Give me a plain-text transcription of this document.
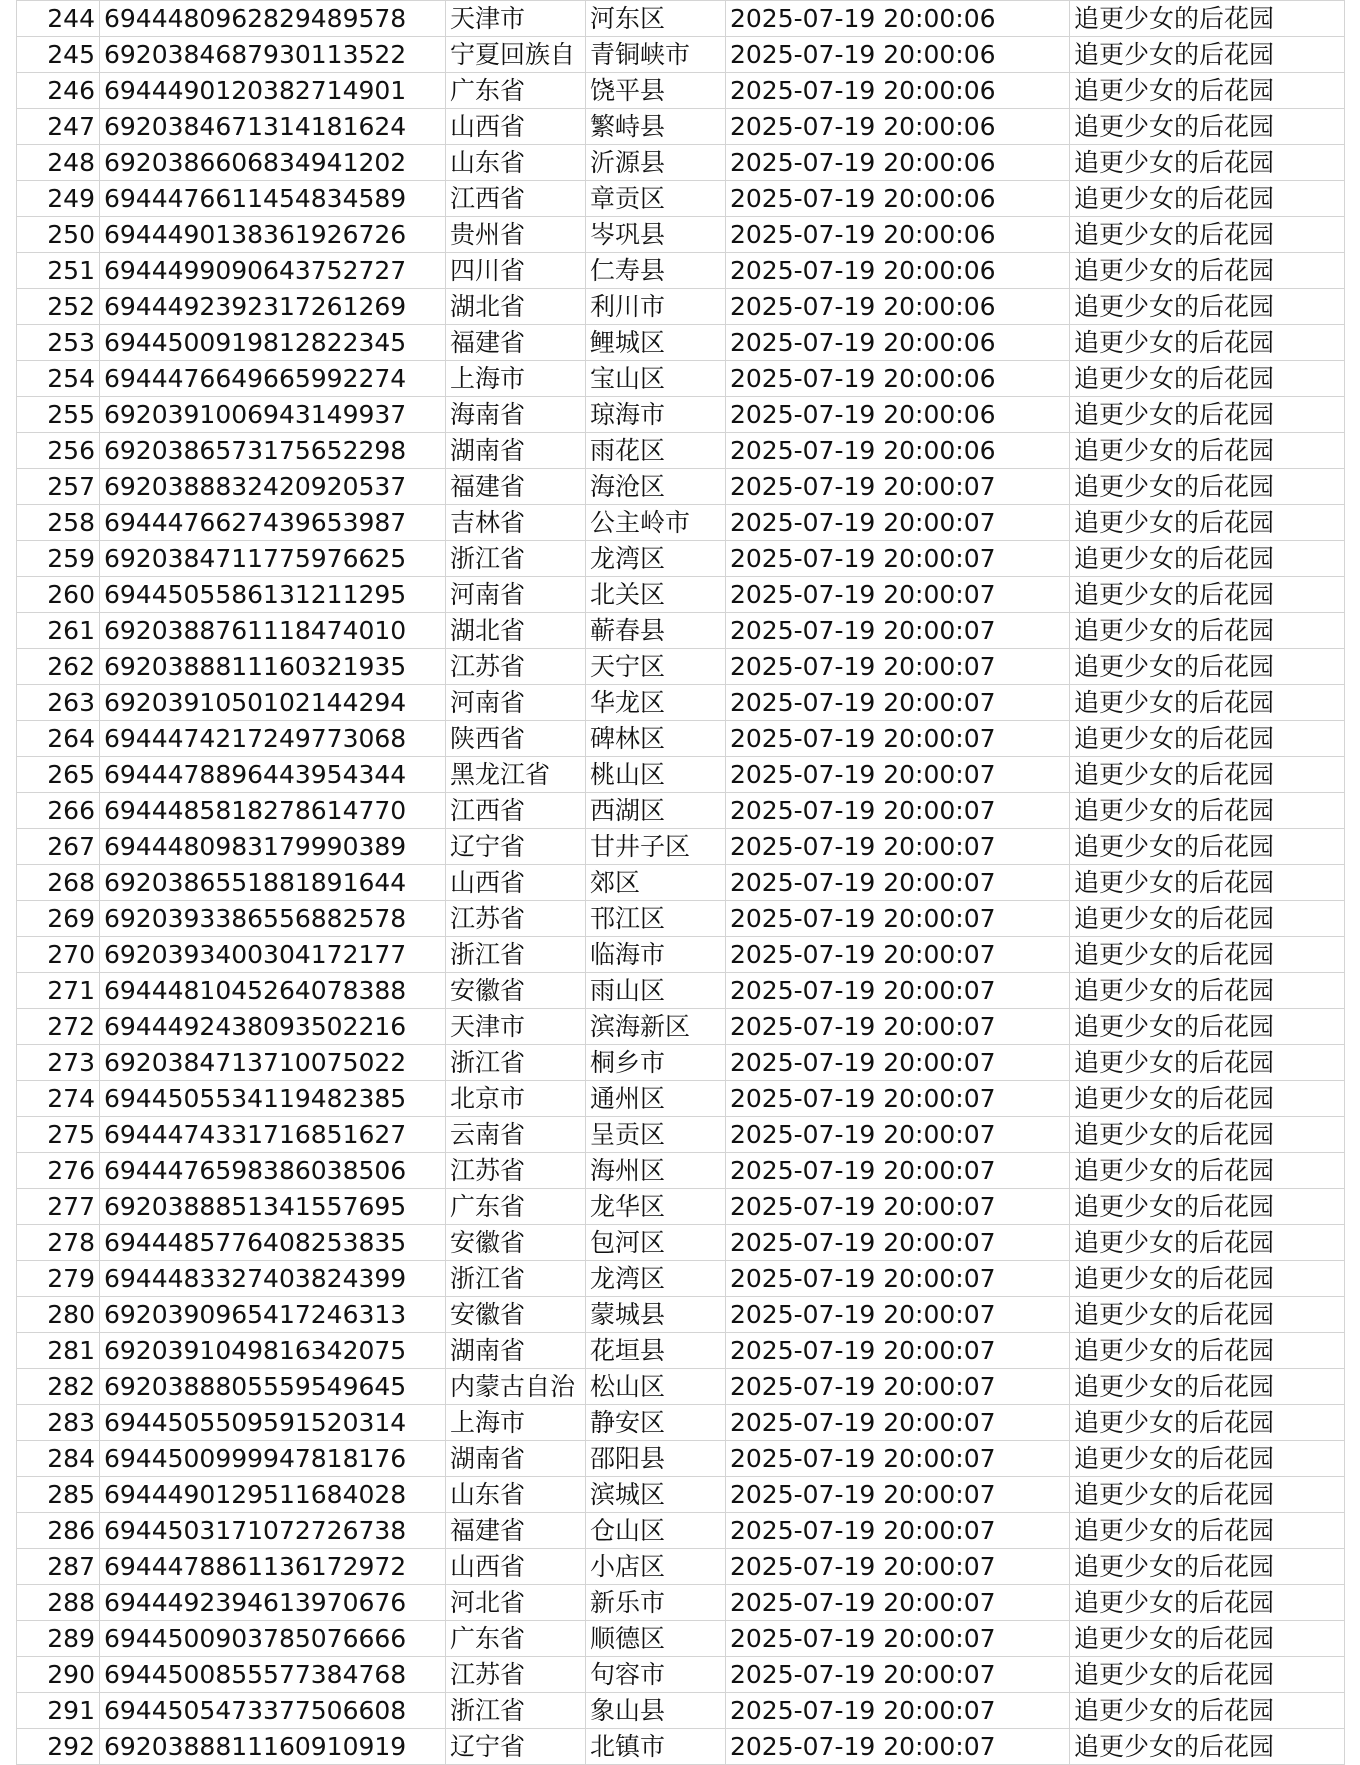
244	6944480962829489578	天津市	河东区	2025-07-19 20:00:06	追更少女的后花园
245	6920384687930113522	宁夏回族自	青铜峡市	2025-07-19 20:00:06	追更少女的后花园
246	6944490120382714901	广东省	饶平县	2025-07-19 20:00:06	追更少女的后花园
247	6920384671314181624	山西省	繁峙县	2025-07-19 20:00:06	追更少女的后花园
248	6920386606834941202	山东省	沂源县	2025-07-19 20:00:06	追更少女的后花园
249	6944476611454834589	江西省	章贡区	2025-07-19 20:00:06	追更少女的后花园
250	6944490138361926726	贵州省	岑巩县	2025-07-19 20:00:06	追更少女的后花园
251	6944499090643752727	四川省	仁寿县	2025-07-19 20:00:06	追更少女的后花园
252	6944492392317261269	湖北省	利川市	2025-07-19 20:00:06	追更少女的后花园
253	6944500919812822345	福建省	鲤城区	2025-07-19 20:00:06	追更少女的后花园
254	6944476649665992274	上海市	宝山区	2025-07-19 20:00:06	追更少女的后花园
255	6920391006943149937	海南省	琼海市	2025-07-19 20:00:06	追更少女的后花园
256	6920386573175652298	湖南省	雨花区	2025-07-19 20:00:06	追更少女的后花园
257	6920388832420920537	福建省	海沧区	2025-07-19 20:00:07	追更少女的后花园
258	6944476627439653987	吉林省	公主岭市	2025-07-19 20:00:07	追更少女的后花园
259	6920384711775976625	浙江省	龙湾区	2025-07-19 20:00:07	追更少女的后花园
260	6944505586131211295	河南省	北关区	2025-07-19 20:00:07	追更少女的后花园
261	6920388761118474010	湖北省	蕲春县	2025-07-19 20:00:07	追更少女的后花园
262	6920388811160321935	江苏省	天宁区	2025-07-19 20:00:07	追更少女的后花园
263	6920391050102144294	河南省	华龙区	2025-07-19 20:00:07	追更少女的后花园
264	6944474217249773068	陕西省	碑林区	2025-07-19 20:00:07	追更少女的后花园
265	6944478896443954344	黑龙江省	桃山区	2025-07-19 20:00:07	追更少女的后花园
266	6944485818278614770	江西省	西湖区	2025-07-19 20:00:07	追更少女的后花园
267	6944480983179990389	辽宁省	甘井子区	2025-07-19 20:00:07	追更少女的后花园
268	6920386551881891644	山西省	郊区	2025-07-19 20:00:07	追更少女的后花园
269	6920393386556882578	江苏省	邗江区	2025-07-19 20:00:07	追更少女的后花园
270	6920393400304172177	浙江省	临海市	2025-07-19 20:00:07	追更少女的后花园
271	6944481045264078388	安徽省	雨山区	2025-07-19 20:00:07	追更少女的后花园
272	6944492438093502216	天津市	滨海新区	2025-07-19 20:00:07	追更少女的后花园
273	6920384713710075022	浙江省	桐乡市	2025-07-19 20:00:07	追更少女的后花园
274	6944505534119482385	北京市	通州区	2025-07-19 20:00:07	追更少女的后花园
275	6944474331716851627	云南省	呈贡区	2025-07-19 20:00:07	追更少女的后花园
276	6944476598386038506	江苏省	海州区	2025-07-19 20:00:07	追更少女的后花园
277	6920388851341557695	广东省	龙华区	2025-07-19 20:00:07	追更少女的后花园
278	6944485776408253835	安徽省	包河区	2025-07-19 20:00:07	追更少女的后花园
279	6944483327403824399	浙江省	龙湾区	2025-07-19 20:00:07	追更少女的后花园
280	6920390965417246313	安徽省	蒙城县	2025-07-19 20:00:07	追更少女的后花园
281	6920391049816342075	湖南省	花垣县	2025-07-19 20:00:07	追更少女的后花园
282	6920388805559549645	内蒙古自治	松山区	2025-07-19 20:00:07	追更少女的后花园
283	6944505509591520314	上海市	静安区	2025-07-19 20:00:07	追更少女的后花园
284	6944500999947818176	湖南省	邵阳县	2025-07-19 20:00:07	追更少女的后花园
285	6944490129511684028	山东省	滨城区	2025-07-19 20:00:07	追更少女的后花园
286	6944503171072726738	福建省	仓山区	2025-07-19 20:00:07	追更少女的后花园
287	6944478861136172972	山西省	小店区	2025-07-19 20:00:07	追更少女的后花园
288	6944492394613970676	河北省	新乐市	2025-07-19 20:00:07	追更少女的后花园
289	6944500903785076666	广东省	顺德区	2025-07-19 20:00:07	追更少女的后花园
290	6944500855577384768	江苏省	句容市	2025-07-19 20:00:07	追更少女的后花园
291	6944505473377506608	浙江省	象山县	2025-07-19 20:00:07	追更少女的后花园
292	6920388811160910919	辽宁省	北镇市	2025-07-19 20:00:07	追更少女的后花园
